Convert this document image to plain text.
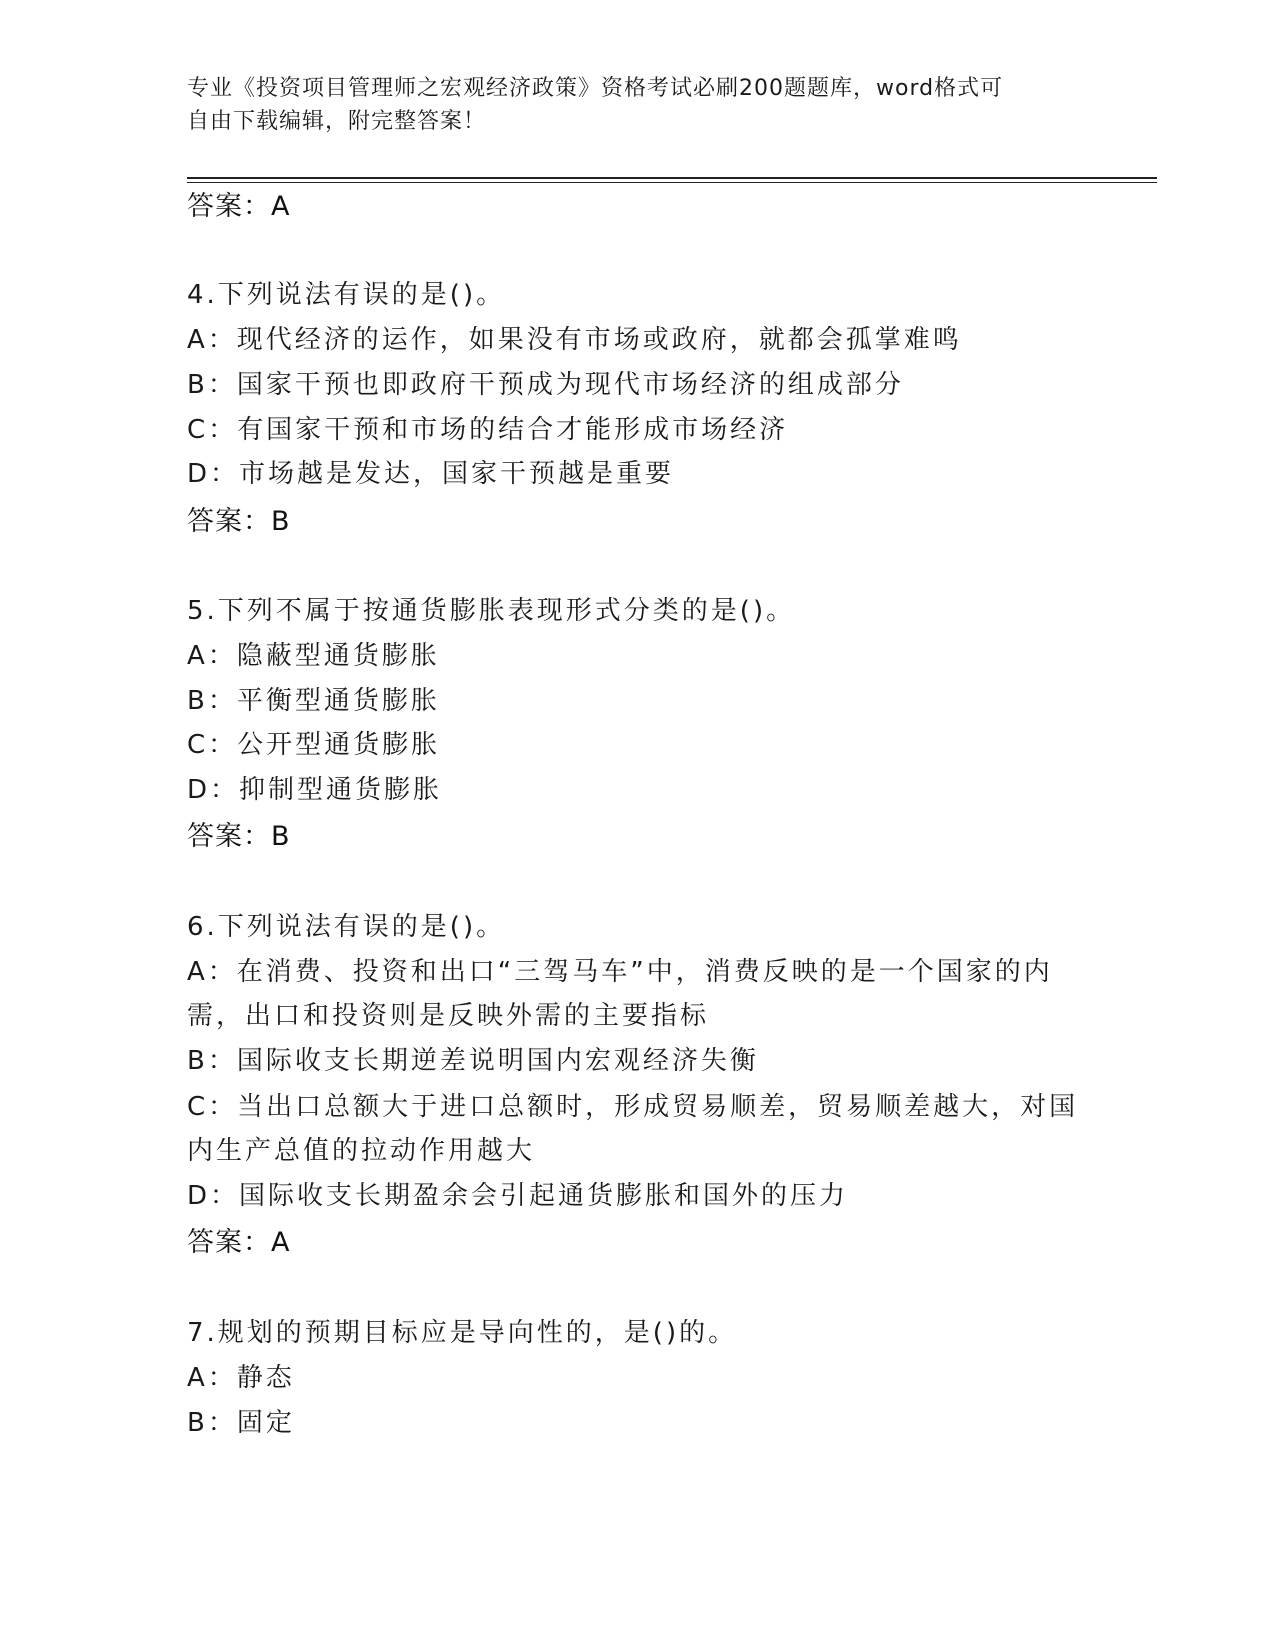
专业《投资项目管理师之宏观经济政策》资格考试必刷200题题库，word格式可
自由下载编辑，附完整答案！
答案：A
4.下列说法有误的是()。
A：现代经济的运作，如果没有市场或政府，就都会孤掌难鸣
B：国家干预也即政府干预成为现代市场经济的组成部分
C：有国家干预和市场的结合才能形成市场经济
D：市场越是发达，国家干预越是重要
答案：B
5.下列不属于按通货膨胀表现形式分类的是()。
A：隐蔽型通货膨胀
B：平衡型通货膨胀
C：公开型通货膨胀
D：抑制型通货膨胀
答案：B
6.下列说法有误的是()。
A：在消费、投资和出口“三驾马车”中，消费反映的是一个国家的内
需，出口和投资则是反映外需的主要指标
B：国际收支长期逆差说明国内宏观经济失衡
C：当出口总额大于进口总额时，形成贸易顺差，贸易顺差越大，对国
内生产总值的拉动作用越大
D：国际收支长期盈余会引起通货膨胀和国外的压力
答案：A
7.规划的预期目标应是导向性的，是()的。
A：静态
B：固定
